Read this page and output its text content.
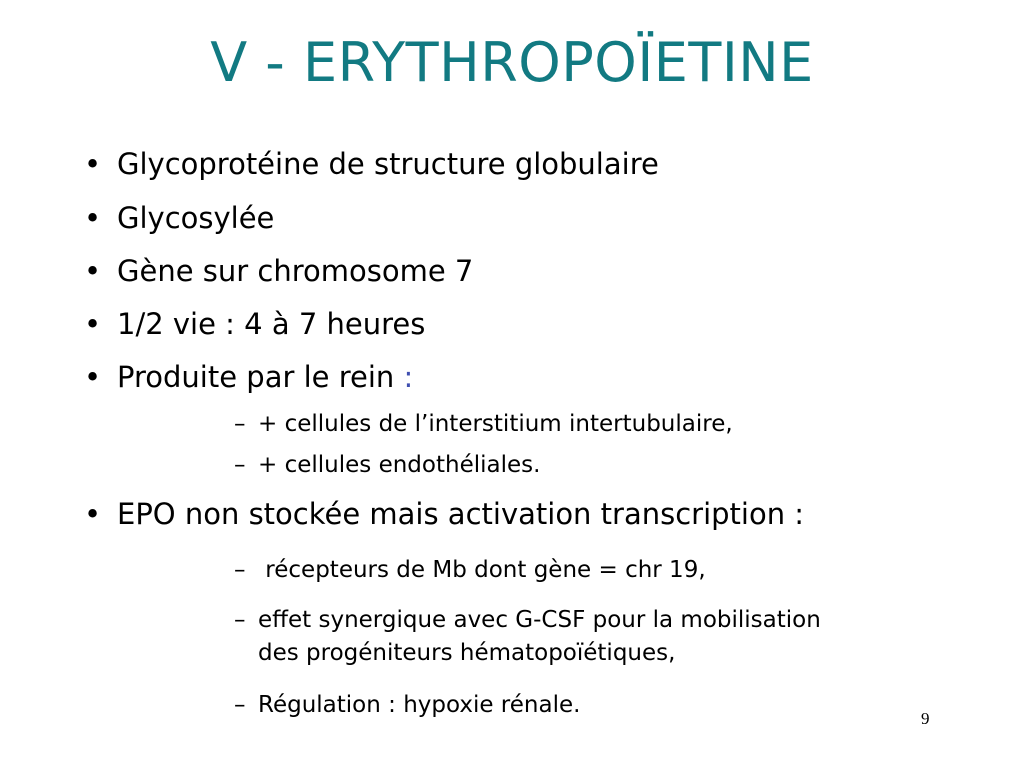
V - ERYTHROPOÏETINE
• Glycoprotéine de structure globulaire
• Glycosylée
• Gène sur chromosome 7
• 1/2 vie : 4 à 7 heures
• Produite par le rein :
– + cellules de l’interstitium intertubulaire,
– + cellules endothéliales.
• EPO non stockée mais activation transcription :
– récepteurs de Mb dont gène = chr 19,
– effet synergique avec G-CSF pour la mobilisation
des progéniteurs hématopoïétiques,
– Régulation : hypoxie rénale.
9
